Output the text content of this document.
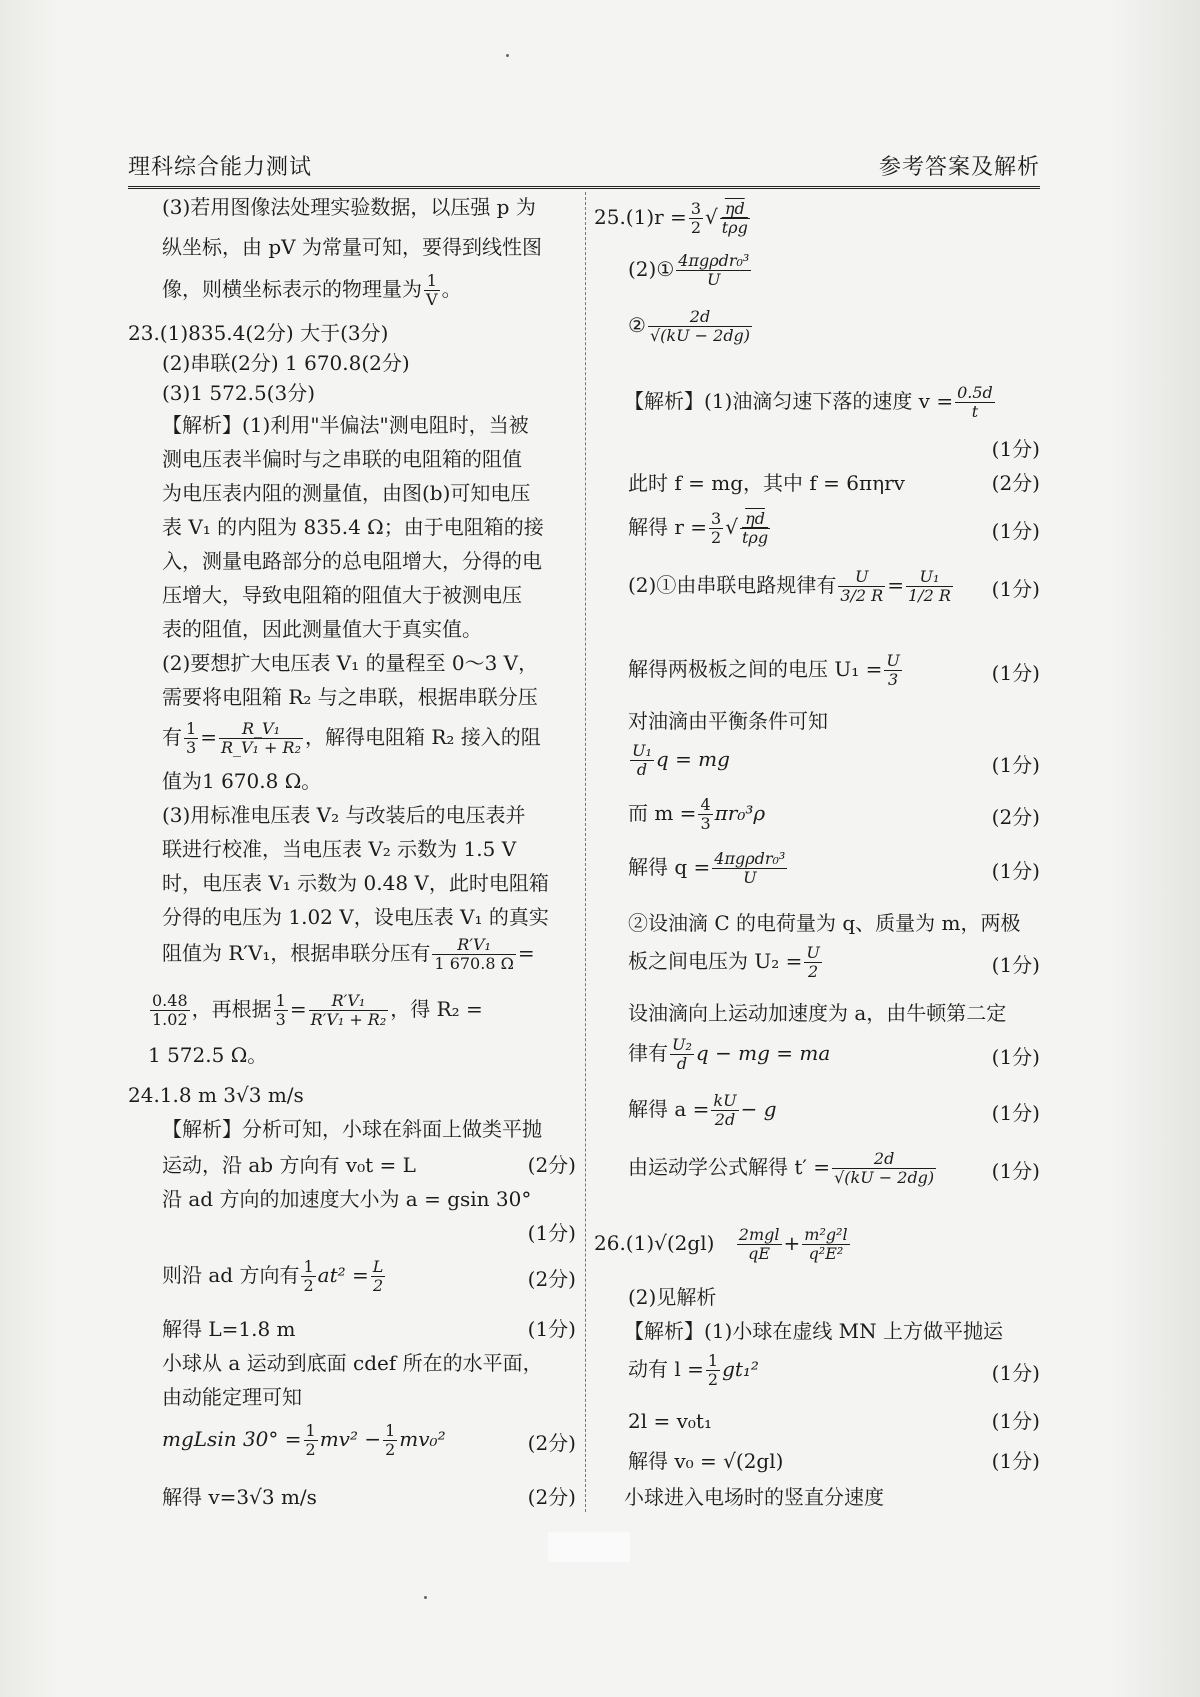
理科综合能力测试	参考答案及解析
(3)若用图像法处理实验数据，以压强 p 为
纵坐标，由 pV 为常量可知，要得到线性图
像，则横坐标表示的物理量为 $\frac{1}{V}$ 。
23.(1)835.4(2分) 大于(3分)
(2)串联(2分) 1 670.8(2分)
(3)1 572.5(3分)
【解析】(1)利用"半偏法"测电阻时，当被
测电压表半偏时与之串联的电阻箱的阻值
为电压表内阻的测量值，由图(b)可知电压
表 V₁ 的内阻为 835.4 Ω；由于电阻箱的接
入，测量电路部分的总电阻增大，分得的电
压增大，导致电阻箱的阻值大于被测电压
表的阻值，因此测量值大于真实值。
(2)要想扩大电压表 V₁ 的量程至 0～3 V，
需要将电阻箱 R₂ 与之串联，根据串联分压
有 $\frac{1}{3} = \frac{\text{R\_V₁}}{\text{R\_V₁ + R₂}}$ ，解得电阻箱 R₂ 接入的阻
值为1 670.8 Ω。
(3)用标准电压表 V₂ 与改装后的电压表并
联进行校准，当电压表 V₂ 示数为 1.5 V
时，电压表 V₁ 示数为 0.48 V，此时电阻箱
分得的电压为 1.02 V，设电压表 V₁ 的真实
阻值为 R′V₁，根据串联分压有 $\frac{\text{R′V₁}}{1 670.8 \Omega}$ =
$\frac{0.48}{1.02}$ ，再根据 $\frac{1}{3} = \frac{\text{R′V₁}}{\text{R′V₁ + R₂}}$ ，得 R₂ =
1 572.5 Ω。
24.1.8 m 3√3 m/s
【解析】分析可知，小球在斜面上做类平抛
运动，沿 ab 方向有 v₀t = L	(2分)
沿 ad 方向的加速度大小为 a = gsin 30°
(1分)
则沿 ad 方向有 $\frac{1}{2} at^2 = \frac{L}{2}$	(2分)
解得 L=1.8 m	(1分)
小球从 a 运动到底面 cdef 所在的水平面，
由动能定理可知
mgLsin $30^\circ = \frac{1}{2} mv^2 - \frac{1}{2} mv_0^2$	(2分)
解得 v=3√3 m/s	(2分)
$25.(1)r = \frac{3}{2}$ √ $\frac{\eta d}{\text{tρg}}$
(2)① $\frac{\text{4πgρdr₀³}}{U}$
② $\frac{2d}{√(kU - 2dg)}$
【解析】(1)油滴匀速下落的速度 $v = \frac{0.5d}{t}$
(1分)
此时 f = mg，其中 f = 6πηrv	(2分)
解得 $r = \frac{3}{2}$ √ $\frac{\eta d}{\text{tρg}}$	(1分)
(2)①由串联电路规律有 $\frac{U}{3/2 R} = \frac{\text{U₁}}{1/2 R} (1$分)
解得两极板之间的电压 $U_1 = \frac{U}{3}$	(1分)
对油滴由平衡条件可知
$\frac{\text{U₁}}{d}$ q = mg	(1分)
而 $m = \frac{4}{3} \pi r_0^3\rho$	(2分)
解得 $q = \frac{\text{4πgρdr₀³}}{U}$	(1分)
②设油滴 C 的电荷量为 q、质量为 m，两极
板之间电压为 $U_2 = \frac{U}{2}$	(1分)
设油滴向上运动加速度为 a，由牛顿第二定
律有 $\frac{\text{U₂}}{d}$ q − mg = ma	(1分)
解得 $a = \frac{kU}{2d} - g$	(1分)
由运动学公式解得 $t' = \frac{2d}{√(kU - 2dg)}$	(1分)
$26.(1)√(2gl) \frac{\text{2mgl}}{qE} + \frac{\text{m²g²l}}{\text{q²E²}}$
(2)见解析
【解析】(1)小球在虚线 MN 上方做平抛运
动有 $l = \frac{1}{2} gt_1^2$	(1分)
2l = v₀t₁	(1分)
解得 v₀ = √(2gl)	(1分)
小球进入电场时的竖直分速度
